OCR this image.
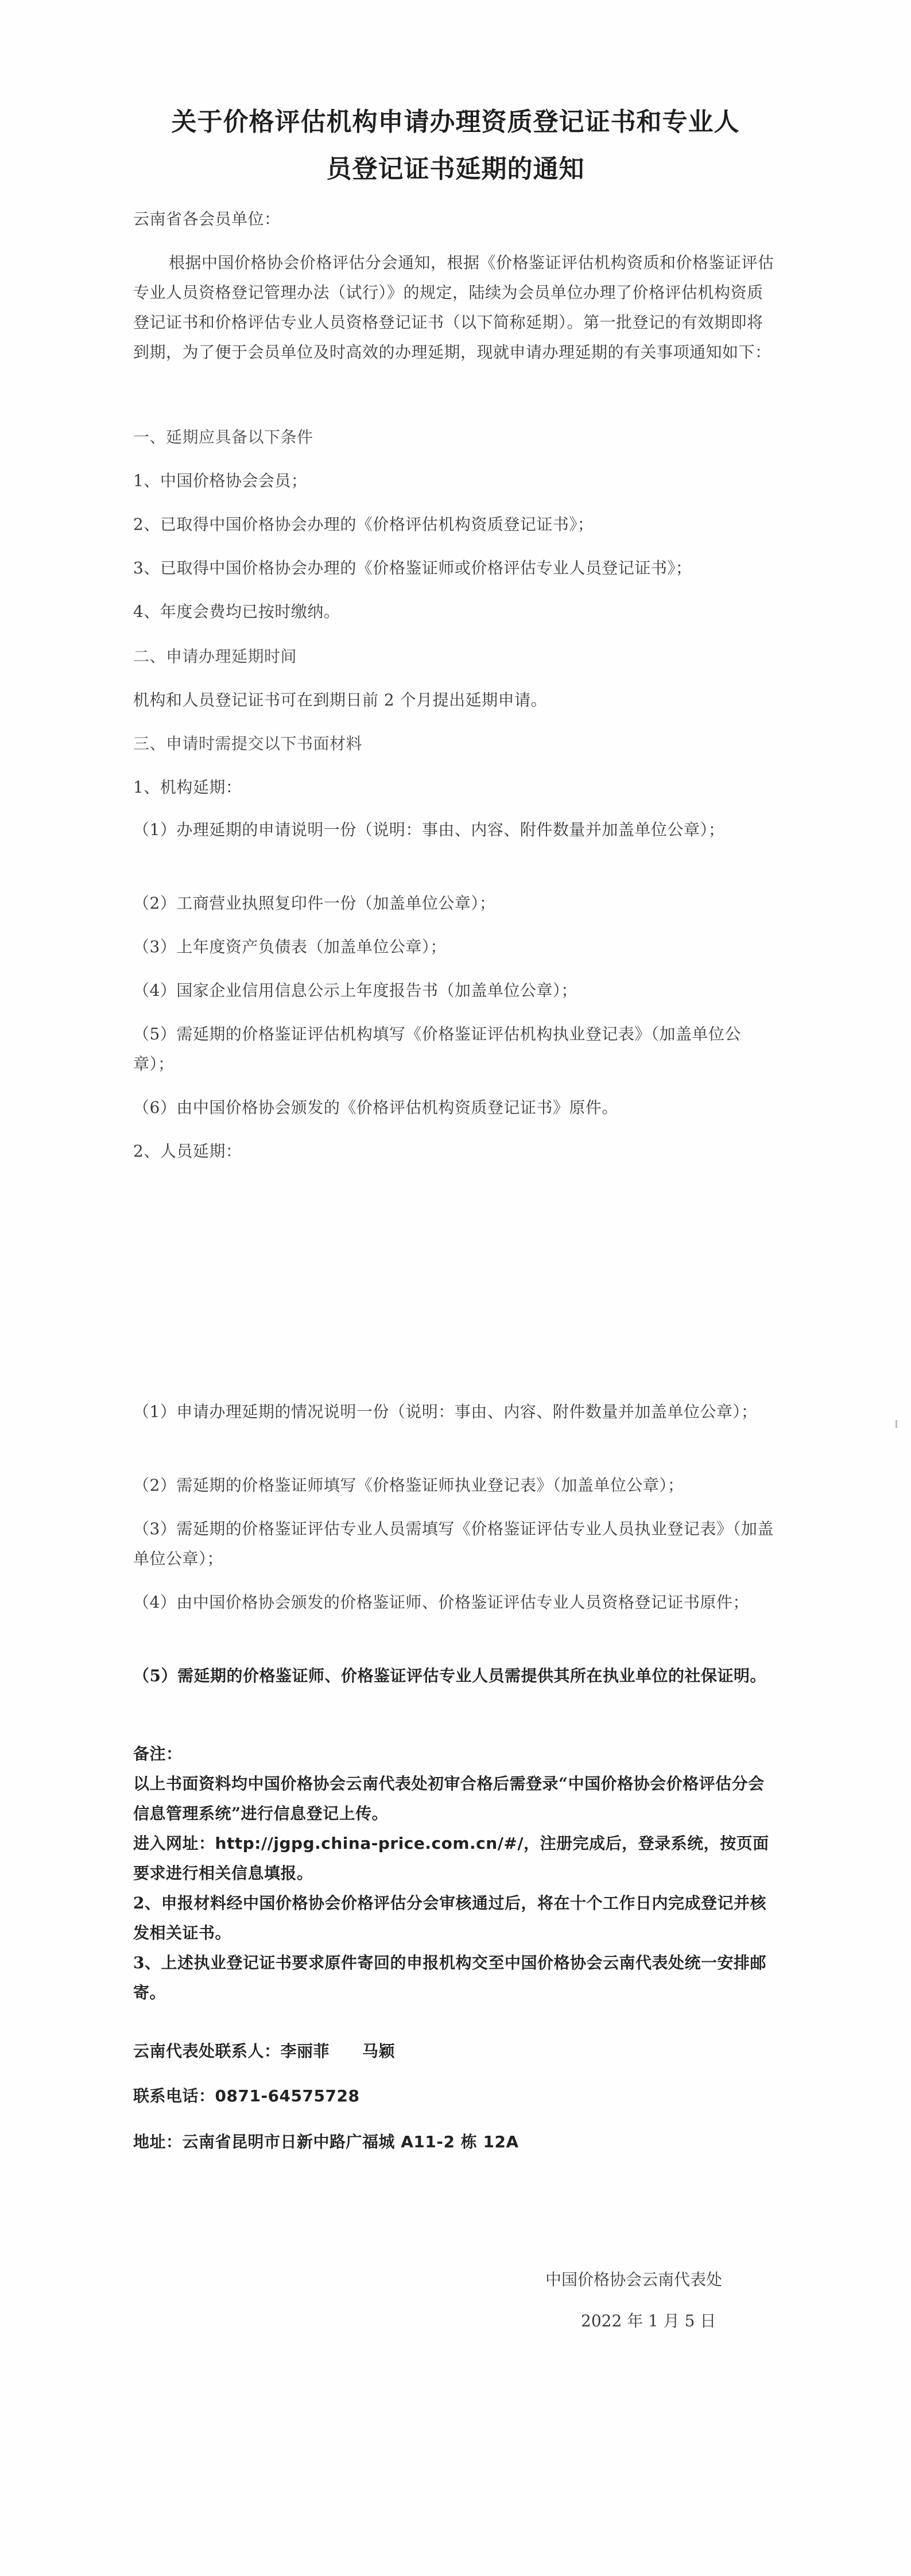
关于价格评估机构申请办理资质登记证书和专业人
员登记证书延期的通知
云南省各会员单位：
根据中国价格协会价格评估分会通知，根据《价格鉴证评估机构资质和价格鉴证评估专业人员资格登记管理办法（试行）》的规定，陆续为会员单位办理了价格评估机构资质登记证书和价格评估专业人员资格登记证书（以下简称延期）。第一批登记的有效期即将到期，为了便于会员单位及时高效的办理延期，现就申请办理延期的有关事项通知如下：
一、延期应具备以下条件
1、中国价格协会会员；
2、已取得中国价格协会办理的《价格评估机构资质登记证书》；
3、已取得中国价格协会办理的《价格鉴证师或价格评估专业人员登记证书》；
4、年度会费均已按时缴纳。
二、申请办理延期时间
机构和人员登记证书可在到期日前 2 个月提出延期申请。
三、申请时需提交以下书面材料
1、机构延期：
（1）办理延期的申请说明一份（说明：事由、内容、附件数量并加盖单位公章）；
（2）工商营业执照复印件一份（加盖单位公章）；
（3）上年度资产负债表（加盖单位公章）；
（4）国家企业信用信息公示上年度报告书（加盖单位公章）；
（5）需延期的价格鉴证评估机构填写《价格鉴证评估机构执业登记表》（加盖单位公章）；
（6）由中国价格协会颁发的《价格评估机构资质登记证书》原件。
2、人员延期：
（1）申请办理延期的情况说明一份（说明：事由、内容、附件数量并加盖单位公章）；
（2）需延期的价格鉴证师填写《价格鉴证师执业登记表》（加盖单位公章）；
（3）需延期的价格鉴证评估专业人员需填写《价格鉴证评估专业人员执业登记表》（加盖单位公章）；
（4）由中国价格协会颁发的价格鉴证师、价格鉴证评估专业人员资格登记证书原件；
（5）需延期的价格鉴证师、价格鉴证评估专业人员需提供其所在执业单位的社保证明。
备注：
以上书面资料均中国价格协会云南代表处初审合格后需登录“中国价格协会价格评估分会信息管理系统”进行信息登记上传。
进入网址：http://jgpg.china-price.com.cn/#/，注册完成后，登录系统，按页面要求进行相关信息填报。
2、申报材料经中国价格协会价格评估分会审核通过后，将在十个工作日内完成登记并核发相关证书。
3、上述执业登记证书要求原件寄回的申报机构交至中国价格协会云南代表处统一安排邮寄。
云南代表处联系人：李丽菲　　马颖
联系电话：0871-64575728
地址：云南省昆明市日新中路广福城 A11-2 栋 12A
中国价格协会云南代表处
2022 年 1 月 5 日
